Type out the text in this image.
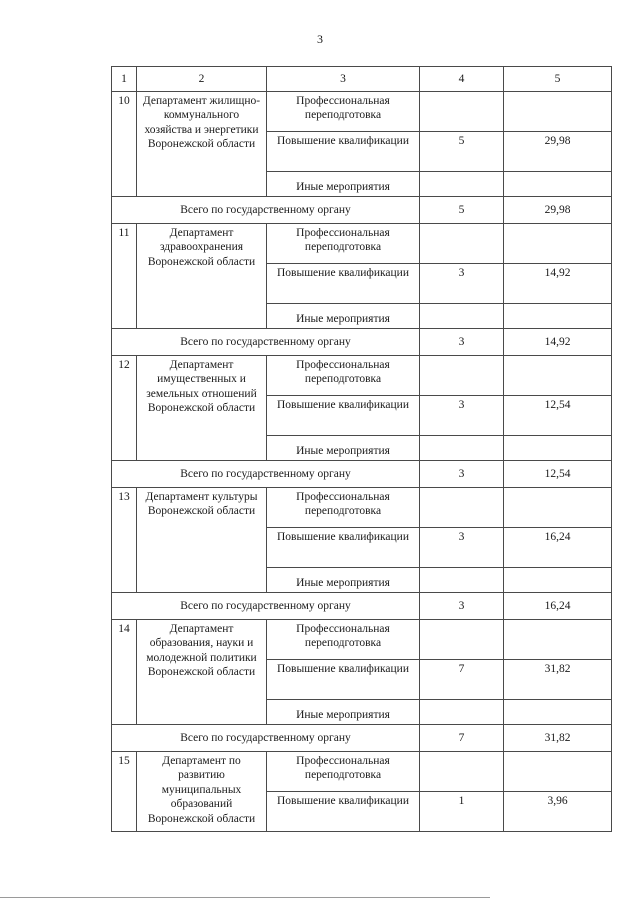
3
1	2	3	4	5
10	Департамент жилищно-коммунального хозяйства и энергетики Воронежской области	Профессиональная переподготовка		
		Повышение квалификации	5	29,98
		Иные мероприятия		
Всего по государственному органу			5	29,98
11	Департамент здравоохранения Воронежской области	Профессиональная переподготовка		
		Повышение квалификации	3	14,92
		Иные мероприятия		
Всего по государственному органу			3	14,92
12	Департамент имущественных и земельных отношений Воронежской области	Профессиональная переподготовка		
		Повышение квалификации	3	12,54
		Иные мероприятия		
Всего по государственному органу			3	12,54
13	Департамент культуры Воронежской области	Профессиональная переподготовка		
		Повышение квалификации	3	16,24
		Иные мероприятия		
Всего по государственному органу			3	16,24
14	Департамент образования, науки и молодежной политики Воронежской области	Профессиональная переподготовка		
		Повышение квалификации	7	31,82
		Иные мероприятия		
Всего по государственному органу			7	31,82
15	Департамент по развитию муниципальных образований Воронежской области	Профессиональная переподготовка		
		Повышение квалификации	1	3,96
